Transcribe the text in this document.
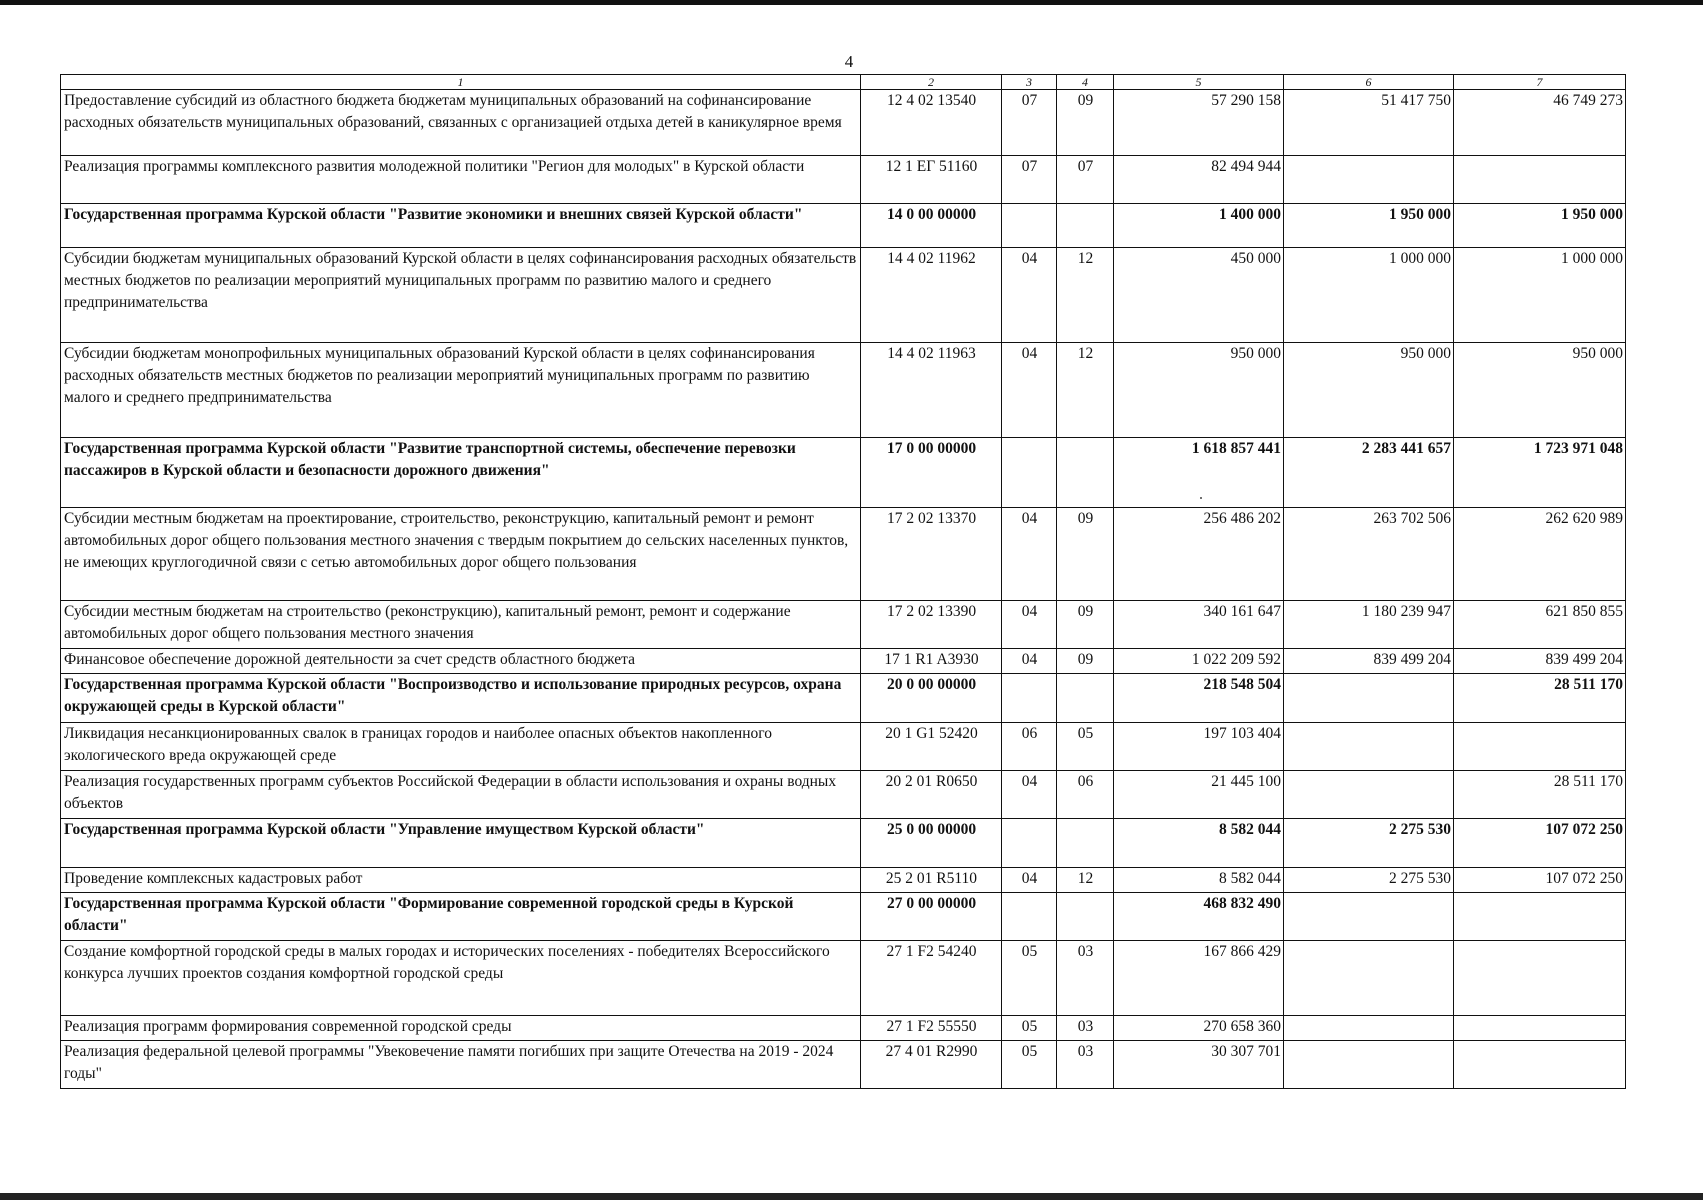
4
1	2	3	4	5	6	7
Предоставление субсидий из областного бюджета бюджетам муниципальных образований на софинансирование расходных обязательств муниципальных образований, связанных с организацией отдыха детей в каникулярное время	12 4 02 13540	07	09	57 290 158	51 417 750	46 749 273
Реализация программы комплексного развития молодежной политики "Регион для молодых" в Курской области	12 1 ЕГ 51160	07	07	82 494 944		
Государственная программа Курской области "Развитие экономики и внешних связей Курской области"	14 0 00 00000			1 400 000	1 950 000	1 950 000
Субсидии бюджетам муниципальных образований Курской области в целях софинансирования расходных обязательств местных бюджетов по реализации мероприятий муниципальных программ по развитию малого и среднего предпринимательства	14 4 02 11962	04	12	450 000	1 000 000	1 000 000
Субсидии бюджетам монопрофильных муниципальных образований Курской области в целях софинансирования расходных обязательств местных бюджетов по реализации мероприятий муниципальных программ по развитию малого и среднего предпринимательства	14 4 02 11963	04	12	950 000	950 000	950 000
Государственная программа Курской области "Развитие транспортной системы, обеспечение перевозки пассажиров в Курской области и безопасности дорожного движения"	17 0 00 00000			1 618 857 441	2 283 441 657	1 723 971 048
Субсидии местным бюджетам на проектирование, строительство, реконструкцию, капитальный ремонт и ремонт автомобильных дорог общего пользования местного значения с твердым покрытием до сельских населенных пунктов, не имеющих круглогодичной связи с сетью автомобильных дорог общего пользования	17 2 02 13370	04	09	256 486 202	263 702 506	262 620 989
Субсидии местным бюджетам на строительство (реконструкцию), капитальный ремонт, ремонт и содержание автомобильных дорог общего пользования местного значения	17 2 02 13390	04	09	340 161 647	1 180 239 947	621 850 855
Финансовое обеспечение дорожной деятельности за счет средств областного бюджета	17 1 R1 A3930	04	09	1 022 209 592	839 499 204	839 499 204
Государственная программа Курской области "Воспроизводство и использование природных ресурсов, охрана окружающей среды в Курской области"	20 0 00 00000			218 548 504		28 511 170
Ликвидация несанкционированных свалок в границах городов и наиболее опасных объектов накопленного экологического вреда окружающей среде	20 1 G1 52420	06	05	197 103 404		
Реализация государственных программ субъектов Российской Федерации в области использования и охраны водных объектов	20 2 01 R0650	04	06	21 445 100		28 511 170
Государственная программа Курской области "Управление имуществом Курской области"	25 0 00 00000			8 582 044	2 275 530	107 072 250
Проведение комплексных кадастровых работ	25 2 01 R5110	04	12	8 582 044	2 275 530	107 072 250
Государственная программа Курской области "Формирование современной городской среды в Курской области"	27 0 00 00000			468 832 490		
Создание комфортной городской среды в малых городах и исторических поселениях - победителях Всероссийского конкурса лучших проектов создания комфортной городской среды	27 1 F2 54240	05	03	167 866 429		
Реализация программ формирования современной городской среды	27 1 F2 55550	05	03	270 658 360		
Реализация федеральной целевой программы "Увековечение памяти погибших при защите Отечества на 2019 - 2024 годы"	27 4 01 R2990	05	03	30 307 701		
